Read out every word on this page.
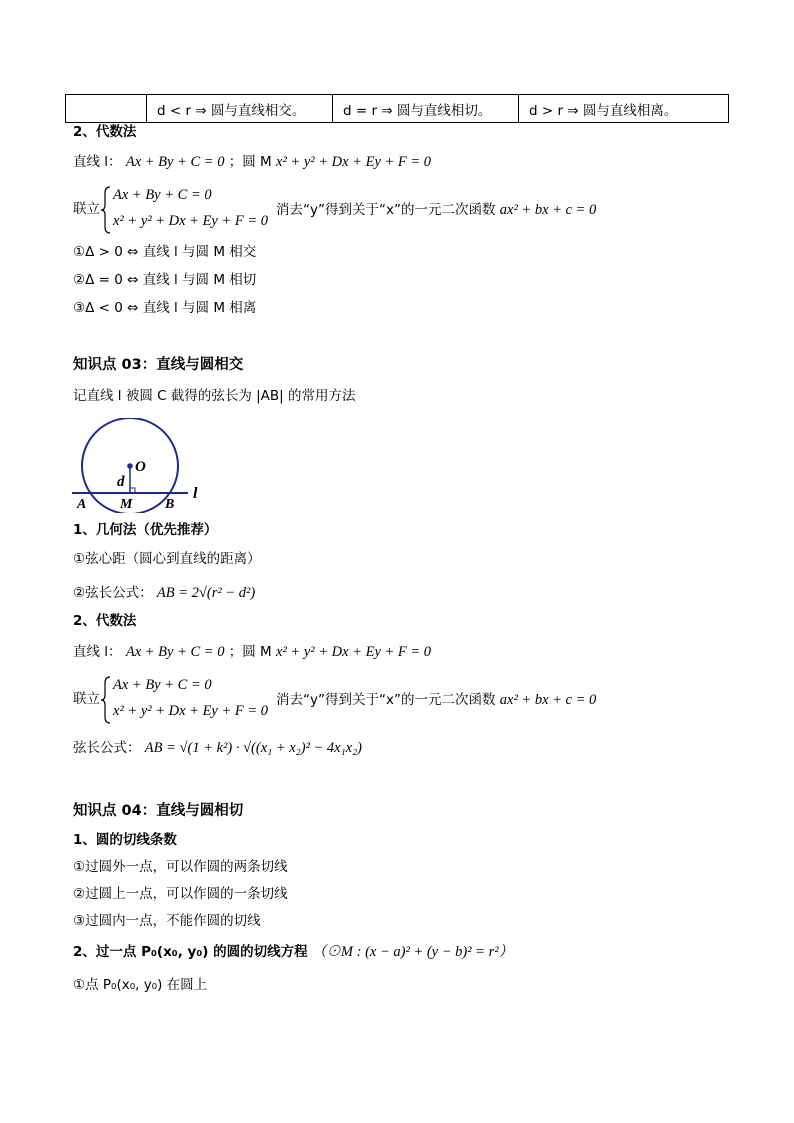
	d < r ⇒ 圆与直线相交。	d = r ⇒ 圆与直线相切。	d > r ⇒ 圆与直线相离。
2、代数法
直线 l： Ax + By + C = 0 ；圆 M x² + y² + Dx + Ey + F = 0
联立
Ax + By + C = 0
x² + y² + Dx + Ey + F = 0
消去“y”得到关于“x”的一元二次函数 ax² + bx + c = 0
①Δ > 0 ⇔ 直线 l 与圆 M 相交
②Δ = 0 ⇔ 直线 l 与圆 M 相切
③Δ < 0 ⇔ 直线 l 与圆 M 相离
知识点 03：直线与圆相交
记直线 l 被圆 C 截得的弦长为 |AB| 的常用方法
O
d
A M B
l
1、几何法（优先推荐）
①弦心距（圆心到直线的距离）
②弦长公式： AB = 2√(r² − d²)
2、代数法
直线 l： Ax + By + C = 0 ；圆 M x² + y² + Dx + Ey + F = 0
联立
Ax + By + C = 0
x² + y² + Dx + Ey + F = 0
消去“y”得到关于“x”的一元二次函数 ax² + bx + c = 0
弦长公式： AB = √(1 + k²) · √((x₁ + x₂)² − 4x₁x₂)
知识点 04：直线与圆相切
1、圆的切线条数
①过圆外一点，可以作圆的两条切线
②过圆上一点，可以作圆的一条切线
③过圆内一点，不能作圆的切线
2、过一点 P₀(x₀, y₀) 的圆的切线方程 （⊙M : (x − a)² + (y − b)² = r²）
①点 P₀(x₀, y₀) 在圆上
